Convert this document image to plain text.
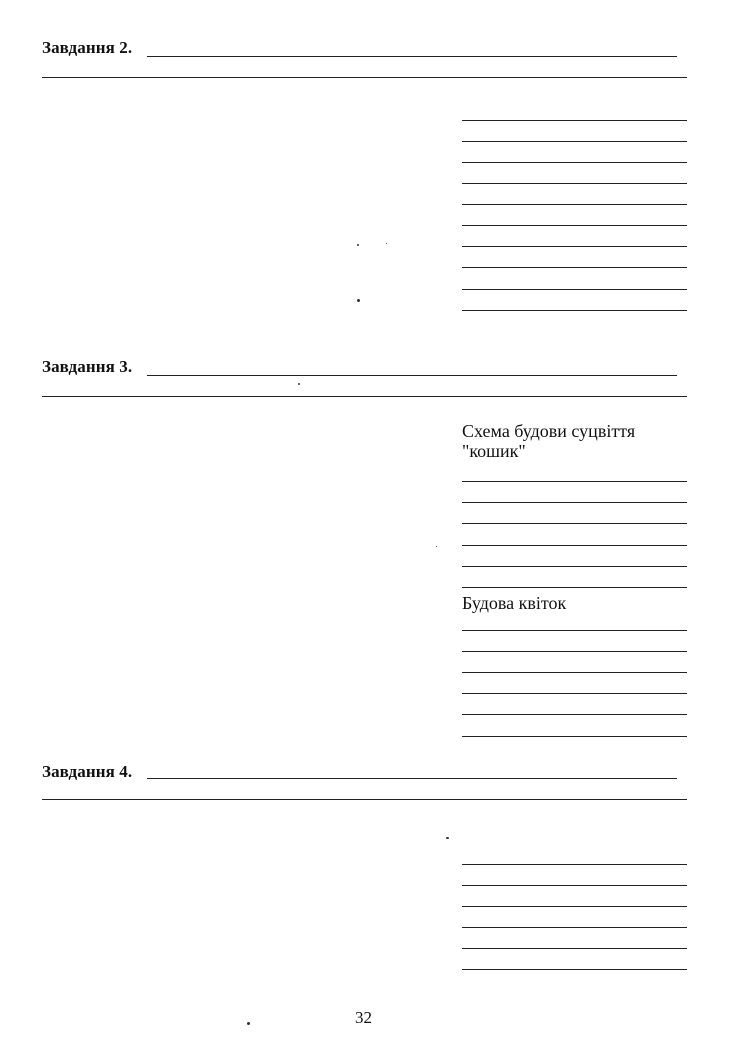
Завдання 2.
Завдання 3.
Схема будови суцвіття
"кошик"
Будова квіток
Завдання 4.
32
